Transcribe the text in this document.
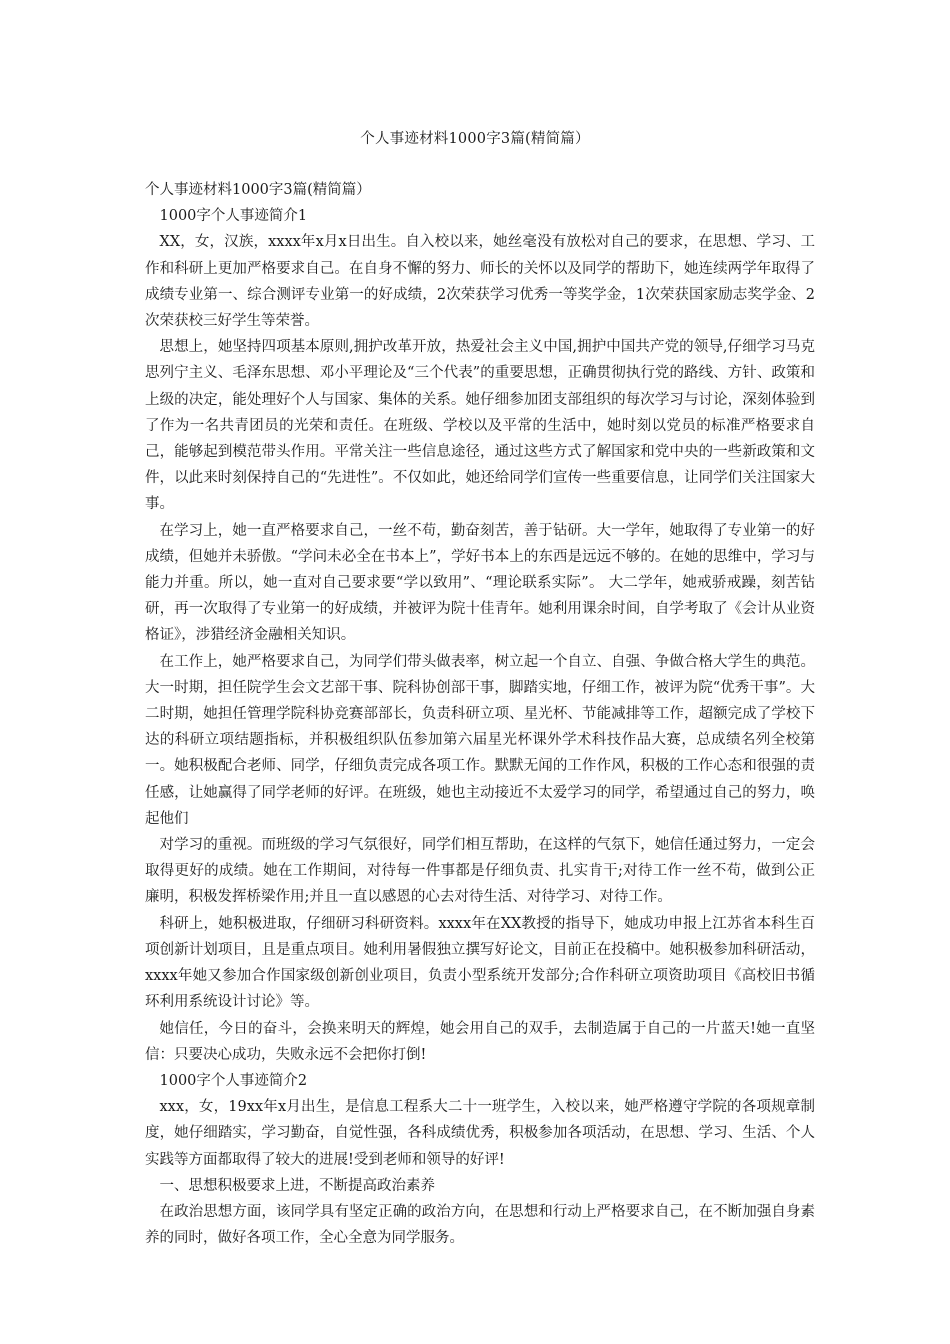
个人事迹材料1000字3篇(精简篇）

个人事迹材料1000字3篇(精简篇）

1000字个人事迹简介1

XX，女，汉族，xxxx年x月x日出生。自入校以来，她丝毫没有放松对自己的要求，在思想、学习、工作和科研上更加严格要求自己。在自身不懈的努力、师长的关怀以及同学的帮助下，她连续两学年取得了成绩专业第一、综合测评专业第一的好成绩，2次荣获学习优秀一等奖学金，1次荣获国家励志奖学金、2次荣获校三好学生等荣誉。

思想上，她坚持四项基本原则,拥护改革开放，热爱社会主义中国,拥护中国共产党的领导,仔细学习马克思列宁主义、毛泽东思想、邓小平理论及“三个代表”的重要思想，正确贯彻执行党的路线、方针、政策和上级的决定，能处理好个人与国家、集体的关系。她仔细参加团支部组织的每次学习与讨论，深刻体验到了作为一名共青团员的光荣和责任。在班级、学校以及平常的生活中，她时刻以党员的标准严格要求自己，能够起到模范带头作用。平常关注一些信息途径，通过这些方式了解国家和党中央的一些新政策和文件，以此来时刻保持自己的“先进性”。不仅如此，她还给同学们宣传一些重要信息，让同学们关注国家大事。

在学习上，她一直严格要求自己，一丝不苟，勤奋刻苦，善于钻研。大一学年，她取得了专业第一的好成绩，但她并未骄傲。“学问未必全在书本上”，学好书本上的东西是远远不够的。在她的思维中，学习与能力并重。所以，她一直对自己要求要“学以致用”、“理论联系实际”。 大二学年，她戒骄戒躁，刻苦钻研，再一次取得了专业第一的好成绩，并被评为院十佳青年。她利用课余时间，自学考取了《会计从业资格证》，涉猎经济金融相关知识。

在工作上，她严格要求自己，为同学们带头做表率，树立起一个自立、自强、争做合格大学生的典范。大一时期，担任院学生会文艺部干事、院科协创部干事，脚踏实地，仔细工作，被评为院“优秀干事”。大二时期，她担任管理学院科协竞赛部部长，负责科研立项、星光杯、节能减排等工作，超额完成了学校下达的科研立项结题指标，并积极组织队伍参加第六届星光杯课外学术科技作品大赛，总成绩名列全校第一。她积极配合老师、同学，仔细负责完成各项工作。默默无闻的工作作风，积极的工作心态和很强的责任感，让她赢得了同学老师的好评。在班级，她也主动接近不太爱学习的同学，希望通过自己的努力，唤起他们

对学习的重视。而班级的学习气氛很好，同学们相互帮助，在这样的气氛下，她信任通过努力，一定会取得更好的成绩。她在工作期间，对待每一件事都是仔细负责、扎实肯干;对待工作一丝不苟，做到公正廉明，积极发挥桥梁作用;并且一直以感恩的心去对待生活、对待学习、对待工作。

科研上，她积极进取，仔细研习科研资料。xxxx年在XX教授的指导下，她成功申报上江苏省本科生百项创新计划项目，且是重点项目。她利用暑假独立撰写好论文，目前正在投稿中。她积极参加科研活动，xxxx年她又参加合作国家级创新创业项目，负责小型系统开发部分;合作科研立项资助项目《高校旧书循环利用系统设计讨论》等。

她信任，今日的奋斗，会换来明天的辉煌，她会用自己的双手，去制造属于自己的一片蓝天!她一直坚信：只要决心成功，失败永远不会把你打倒!

1000字个人事迹简介2

xxx，女，19xx年x月出生，是信息工程系大二十一班学生，入校以来，她严格遵守学院的各项规章制度，她仔细踏实，学习勤奋，自觉性强，各科成绩优秀，积极参加各项活动，在思想、学习、生活、个人实践等方面都取得了较大的进展!受到老师和领导的好评!

一、思想积极要求上进，不断提高政治素养

在政治思想方面，该同学具有坚定正确的政治方向，在思想和行动上严格要求自己，在不断加强自身素养的同时，做好各项工作，全心全意为同学服务。
